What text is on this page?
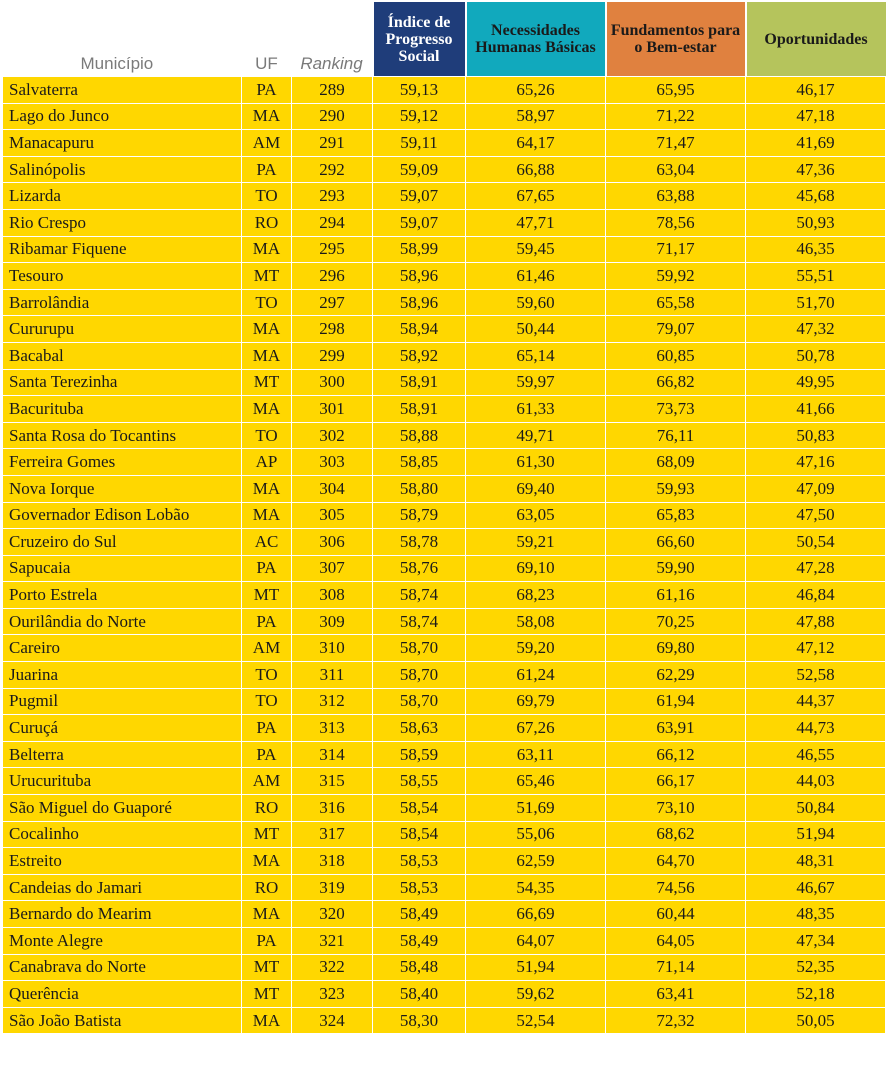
Município	UF	Ranking	Índice de Progresso Social	Necessidades Humanas Básicas	Fundamentos para o Bem-estar	Oportunidades
Salvaterra	PA	289	59,13	65,26	65,95	46,17
Lago do Junco	MA	290	59,12	58,97	71,22	47,18
Manacapuru	AM	291	59,11	64,17	71,47	41,69
Salinópolis	PA	292	59,09	66,88	63,04	47,36
Lizarda	TO	293	59,07	67,65	63,88	45,68
Rio Crespo	RO	294	59,07	47,71	78,56	50,93
Ribamar Fiquene	MA	295	58,99	59,45	71,17	46,35
Tesouro	MT	296	58,96	61,46	59,92	55,51
Barrolândia	TO	297	58,96	59,60	65,58	51,70
Cururupu	MA	298	58,94	50,44	79,07	47,32
Bacabal	MA	299	58,92	65,14	60,85	50,78
Santa Terezinha	MT	300	58,91	59,97	66,82	49,95
Bacurituba	MA	301	58,91	61,33	73,73	41,66
Santa Rosa do Tocantins	TO	302	58,88	49,71	76,11	50,83
Ferreira Gomes	AP	303	58,85	61,30	68,09	47,16
Nova Iorque	MA	304	58,80	69,40	59,93	47,09
Governador Edison Lobão	MA	305	58,79	63,05	65,83	47,50
Cruzeiro do Sul	AC	306	58,78	59,21	66,60	50,54
Sapucaia	PA	307	58,76	69,10	59,90	47,28
Porto Estrela	MT	308	58,74	68,23	61,16	46,84
Ourilândia do Norte	PA	309	58,74	58,08	70,25	47,88
Careiro	AM	310	58,70	59,20	69,80	47,12
Juarina	TO	311	58,70	61,24	62,29	52,58
Pugmil	TO	312	58,70	69,79	61,94	44,37
Curuçá	PA	313	58,63	67,26	63,91	44,73
Belterra	PA	314	58,59	63,11	66,12	46,55
Urucurituba	AM	315	58,55	65,46	66,17	44,03
São Miguel do Guaporé	RO	316	58,54	51,69	73,10	50,84
Cocalinho	MT	317	58,54	55,06	68,62	51,94
Estreito	MA	318	58,53	62,59	64,70	48,31
Candeias do Jamari	RO	319	58,53	54,35	74,56	46,67
Bernardo do Mearim	MA	320	58,49	66,69	60,44	48,35
Monte Alegre	PA	321	58,49	64,07	64,05	47,34
Canabrava do Norte	MT	322	58,48	51,94	71,14	52,35
Querência	MT	323	58,40	59,62	63,41	52,18
São João Batista	MA	324	58,30	52,54	72,32	50,05
